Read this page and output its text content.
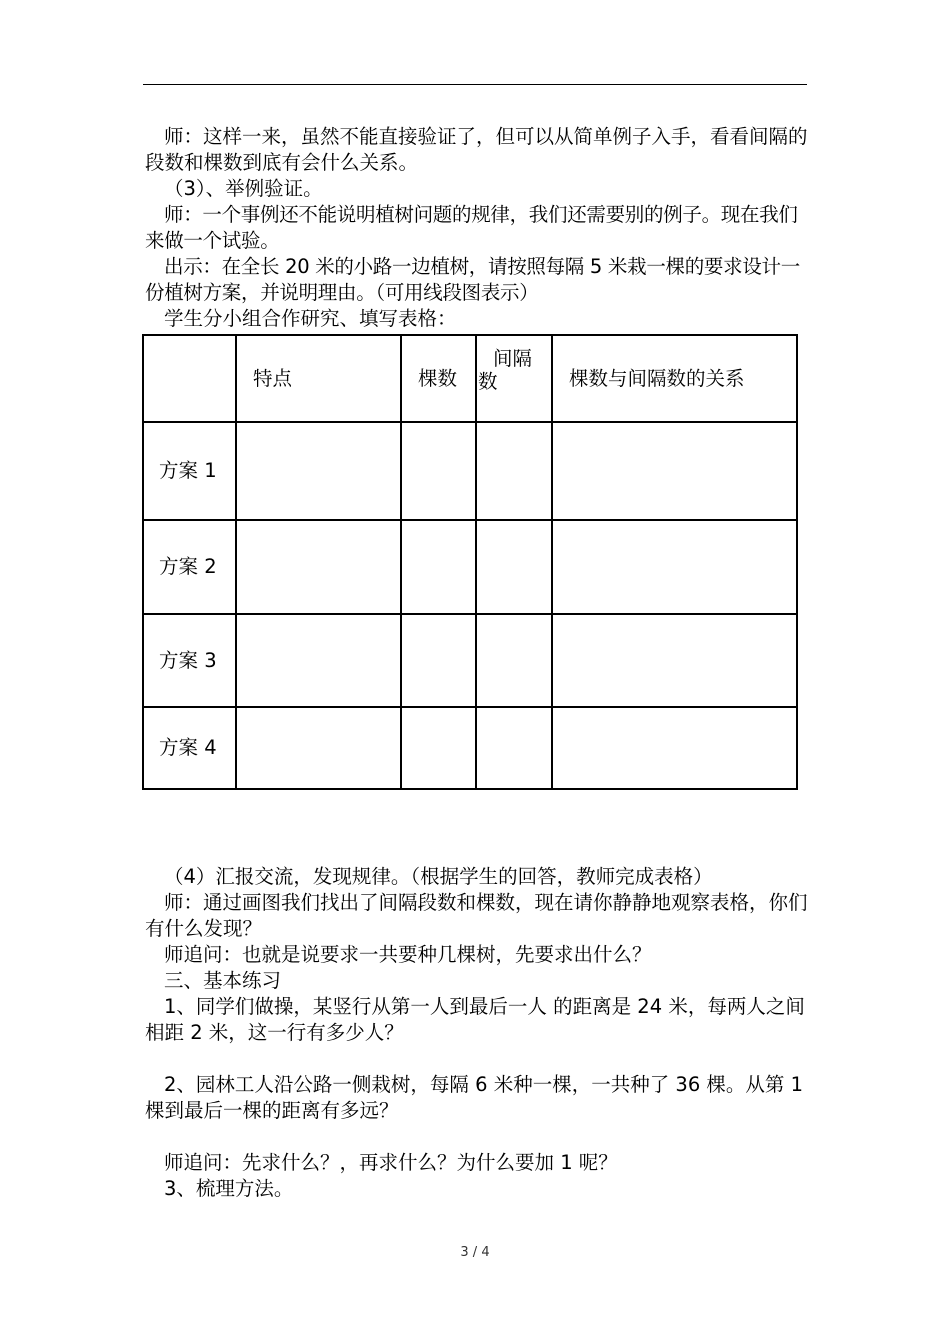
师：这样一来，虽然不能直接验证了，但可以从简单例子入手，看看间隔的段数和棵数到底有会什么关系。

（3）、举例验证。

师：一个事例还不能说明植树问题的规律，我们还需要别的例子。现在我们来做一个试验。

出示：在全长 20 米的小路一边植树，请按照每隔 5 米栽一棵的要求设计一份植树方案，并说明理由。（可用线段图表示）

学生分小组合作研究、填写表格：

	特点	棵数	间隔
数	棵数与间隔数的关系
方案 1				
方案 2				
方案 3				
方案 4				

（4）汇报交流，发现规律。（根据学生的回答，教师完成表格）

师：通过画图我们找出了间隔段数和棵数，现在请你静静地观察表格，你们有什么发现？

师追问：也就是说要求一共要种几棵树，先要求出什么？

三、基本练习

1、同学们做操，某竖行从第一人到最后一人 的距离是 24 米，每两人之间相距 2 米，这一行有多少人？

2、园林工人沿公路一侧栽树，每隔 6 米种一棵，一共种了 36 棵。从第 1 棵到最后一棵的距离有多远？

师追问：先求什么？，再求什么？为什么要加 1 呢？

3、梳理方法。

3 / 4
